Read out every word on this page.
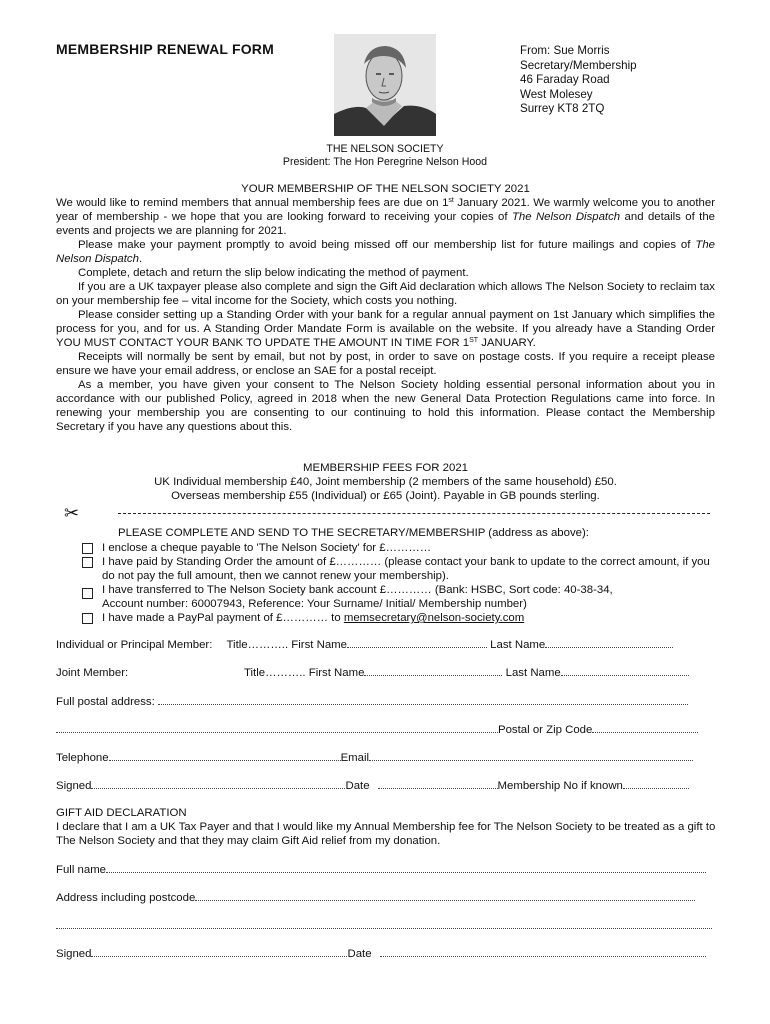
MEMBERSHIP RENEWAL FORM	From: Sue Morris
Secretary/Membership
46 Faraday Road
West Molesey
Surrey KT8 2TQ
THE NELSON SOCIETY
President: The Hon Peregrine Nelson Hood

YOUR MEMBERSHIP OF THE NELSON SOCIETY 2021

We would like to remind members that annual membership fees are due on 1st January 2021. We warmly welcome you to another year of membership - we hope that you are looking forward to receiving your copies of The Nelson Dispatch and details of the events and projects we are planning for 2021.

Please make your payment promptly to avoid being missed off our membership list for future mailings and copies of The Nelson Dispatch.

Complete, detach and return the slip below indicating the method of payment.

If you are a UK taxpayer please also complete and sign the Gift Aid declaration which allows The Nelson Society to reclaim tax on your membership fee – vital income for the Society, which costs you nothing.

Please consider setting up a Standing Order with your bank for a regular annual payment on 1st January which simplifies the process for you, and for us. A Standing Order Mandate Form is available on the website. If you already have a Standing Order YOU MUST CONTACT YOUR BANK TO UPDATE THE AMOUNT IN TIME FOR 1ST JANUARY.

Receipts will normally be sent by email, but not by post, in order to save on postage costs. If you require a receipt please ensure we have your email address, or enclose an SAE for a postal receipt.

As a member, you have given your consent to The Nelson Society holding essential personal information about you in accordance with our published Policy, agreed in 2018 when the new General Data Protection Regulations came into force. In renewing your membership you are consenting to our continuing to hold this information. Please contact the Membership Secretary if you have any questions about this.

MEMBERSHIP FEES FOR 2021
UK Individual membership £40, Joint membership (2 members of the same household) £50.
Overseas membership £55 (Individual) or £65 (Joint). Payable in GB pounds sterling.
✂
PLEASE COMPLETE AND SEND TO THE SECRETARY/MEMBERSHIP (address as above):
I enclose a cheque payable to 'The Nelson Society' for £…………
I have paid by Standing Order the amount of £………… (please contact your bank to update to the correct amount, if you do not pay the full amount, then we cannot renew your membership).
I have transferred to The Nelson Society bank account £………… (Bank: HSBC, Sort code: 40-38-34,
Account number: 60007943, Reference: Your Surname/ Initial/ Membership number)
I have made a PayPal payment of £………… to memsecretary@nelson-society.com
Individual or Principal Member: Title……….. First Name	Last Name
Joint Member:	Title……….. First Name	Last Name
Full postal address:
Postal or Zip Code
Telephone	Email
Signed	Date	Membership No if known
GIFT AID DECLARATION
I declare that I am a UK Tax Payer and that I would like my Annual Membership fee for The Nelson Society to be treated as a gift to The Nelson Society and that they may claim Gift Aid relief from my donation.
Full name
Address including postcode
Signed	Date
